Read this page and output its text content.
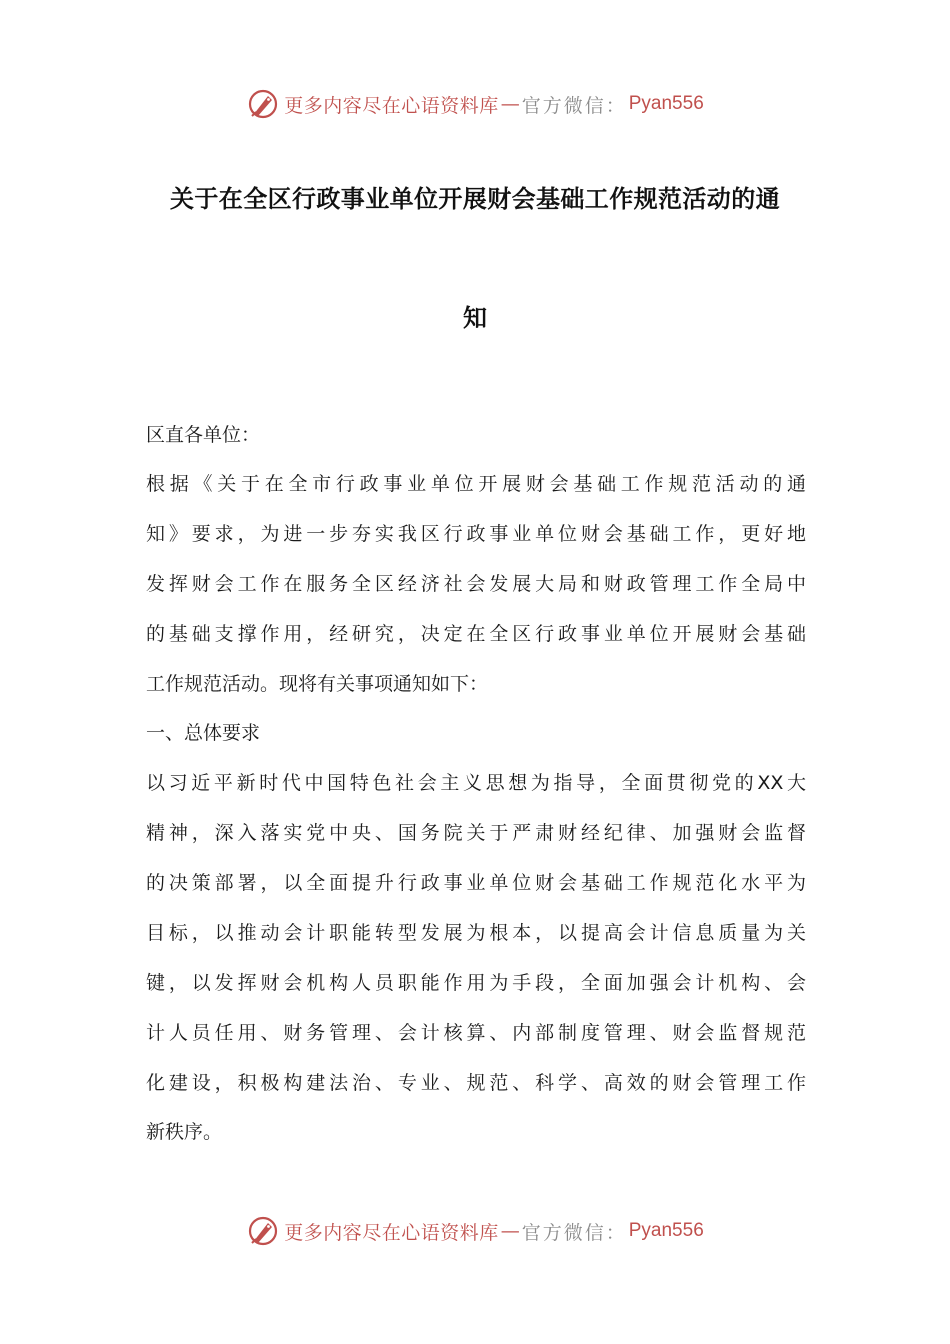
更多内容尽在心语资料库 — 官方微信： Pyan556
关于在全区行政事业单位开展财会基础工作规范活动的通
知
区直各单位：
根据《关于在全市行政事业单位开展财会基础工作规范活动的通
知》要求，为进一步夯实我区行政事业单位财会基础工作，更好地
发挥财会工作在服务全区经济社会发展大局和财政管理工作全局中
的基础支撑作用，经研究，决定在全区行政事业单位开展财会基础
工作规范活动。现将有关事项通知如下：
一、总体要求
以习近平新时代中国特色社会主义思想为指导，全面贯彻党的XX大
精神，深入落实党中央、国务院关于严肃财经纪律、加强财会监督
的决策部署，以全面提升行政事业单位财会基础工作规范化水平为
目标，以推动会计职能转型发展为根本，以提高会计信息质量为关
键，以发挥财会机构人员职能作用为手段，全面加强会计机构、会
计人员任用、财务管理、会计核算、内部制度管理、财会监督规范
化建设，积极构建法治、专业、规范、科学、高效的财会管理工作
新秩序。
更多内容尽在心语资料库 — 官方微信： Pyan556
